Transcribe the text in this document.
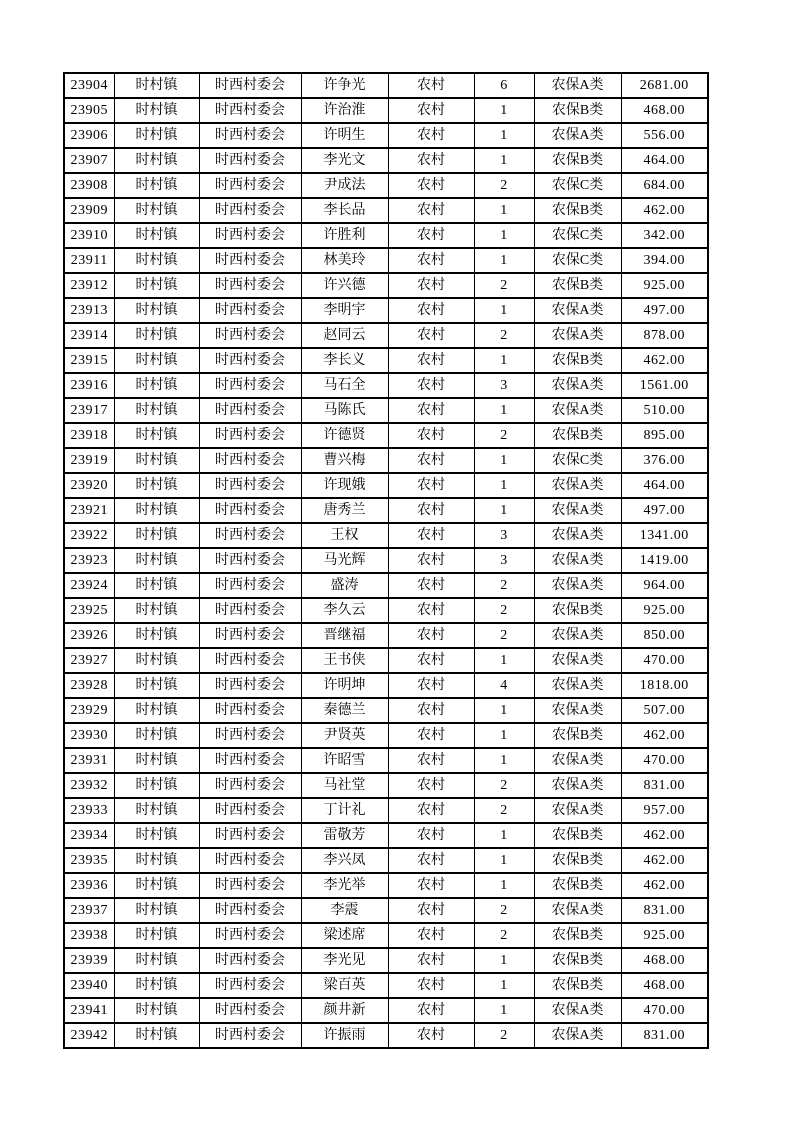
23904	时村镇	时西村委会	许争光	农村	6	农保A类	2681.00
23905	时村镇	时西村委会	许治淮	农村	1	农保B类	468.00
23906	时村镇	时西村委会	许明生	农村	1	农保A类	556.00
23907	时村镇	时西村委会	李光文	农村	1	农保B类	464.00
23908	时村镇	时西村委会	尹成法	农村	2	农保C类	684.00
23909	时村镇	时西村委会	李长品	农村	1	农保B类	462.00
23910	时村镇	时西村委会	许胜利	农村	1	农保C类	342.00
23911	时村镇	时西村委会	林美玲	农村	1	农保C类	394.00
23912	时村镇	时西村委会	许兴德	农村	2	农保B类	925.00
23913	时村镇	时西村委会	李明宇	农村	1	农保A类	497.00
23914	时村镇	时西村委会	赵同云	农村	2	农保A类	878.00
23915	时村镇	时西村委会	李长义	农村	1	农保B类	462.00
23916	时村镇	时西村委会	马石全	农村	3	农保A类	1561.00
23917	时村镇	时西村委会	马陈氏	农村	1	农保A类	510.00
23918	时村镇	时西村委会	许德贤	农村	2	农保B类	895.00
23919	时村镇	时西村委会	曹兴梅	农村	1	农保C类	376.00
23920	时村镇	时西村委会	许现娥	农村	1	农保A类	464.00
23921	时村镇	时西村委会	唐秀兰	农村	1	农保A类	497.00
23922	时村镇	时西村委会	王权	农村	3	农保A类	1341.00
23923	时村镇	时西村委会	马光辉	农村	3	农保A类	1419.00
23924	时村镇	时西村委会	盛涛	农村	2	农保A类	964.00
23925	时村镇	时西村委会	李久云	农村	2	农保B类	925.00
23926	时村镇	时西村委会	晋继福	农村	2	农保A类	850.00
23927	时村镇	时西村委会	王书侠	农村	1	农保A类	470.00
23928	时村镇	时西村委会	许明坤	农村	4	农保A类	1818.00
23929	时村镇	时西村委会	秦德兰	农村	1	农保A类	507.00
23930	时村镇	时西村委会	尹贤英	农村	1	农保B类	462.00
23931	时村镇	时西村委会	许昭雪	农村	1	农保A类	470.00
23932	时村镇	时西村委会	马社堂	农村	2	农保A类	831.00
23933	时村镇	时西村委会	丁计礼	农村	2	农保A类	957.00
23934	时村镇	时西村委会	雷敬芳	农村	1	农保B类	462.00
23935	时村镇	时西村委会	李兴凤	农村	1	农保B类	462.00
23936	时村镇	时西村委会	李光举	农村	1	农保B类	462.00
23937	时村镇	时西村委会	李震	农村	2	农保A类	831.00
23938	时村镇	时西村委会	梁述席	农村	2	农保B类	925.00
23939	时村镇	时西村委会	李光见	农村	1	农保B类	468.00
23940	时村镇	时西村委会	梁百英	农村	1	农保B类	468.00
23941	时村镇	时西村委会	颜井新	农村	1	农保A类	470.00
23942	时村镇	时西村委会	许振雨	农村	2	农保A类	831.00
